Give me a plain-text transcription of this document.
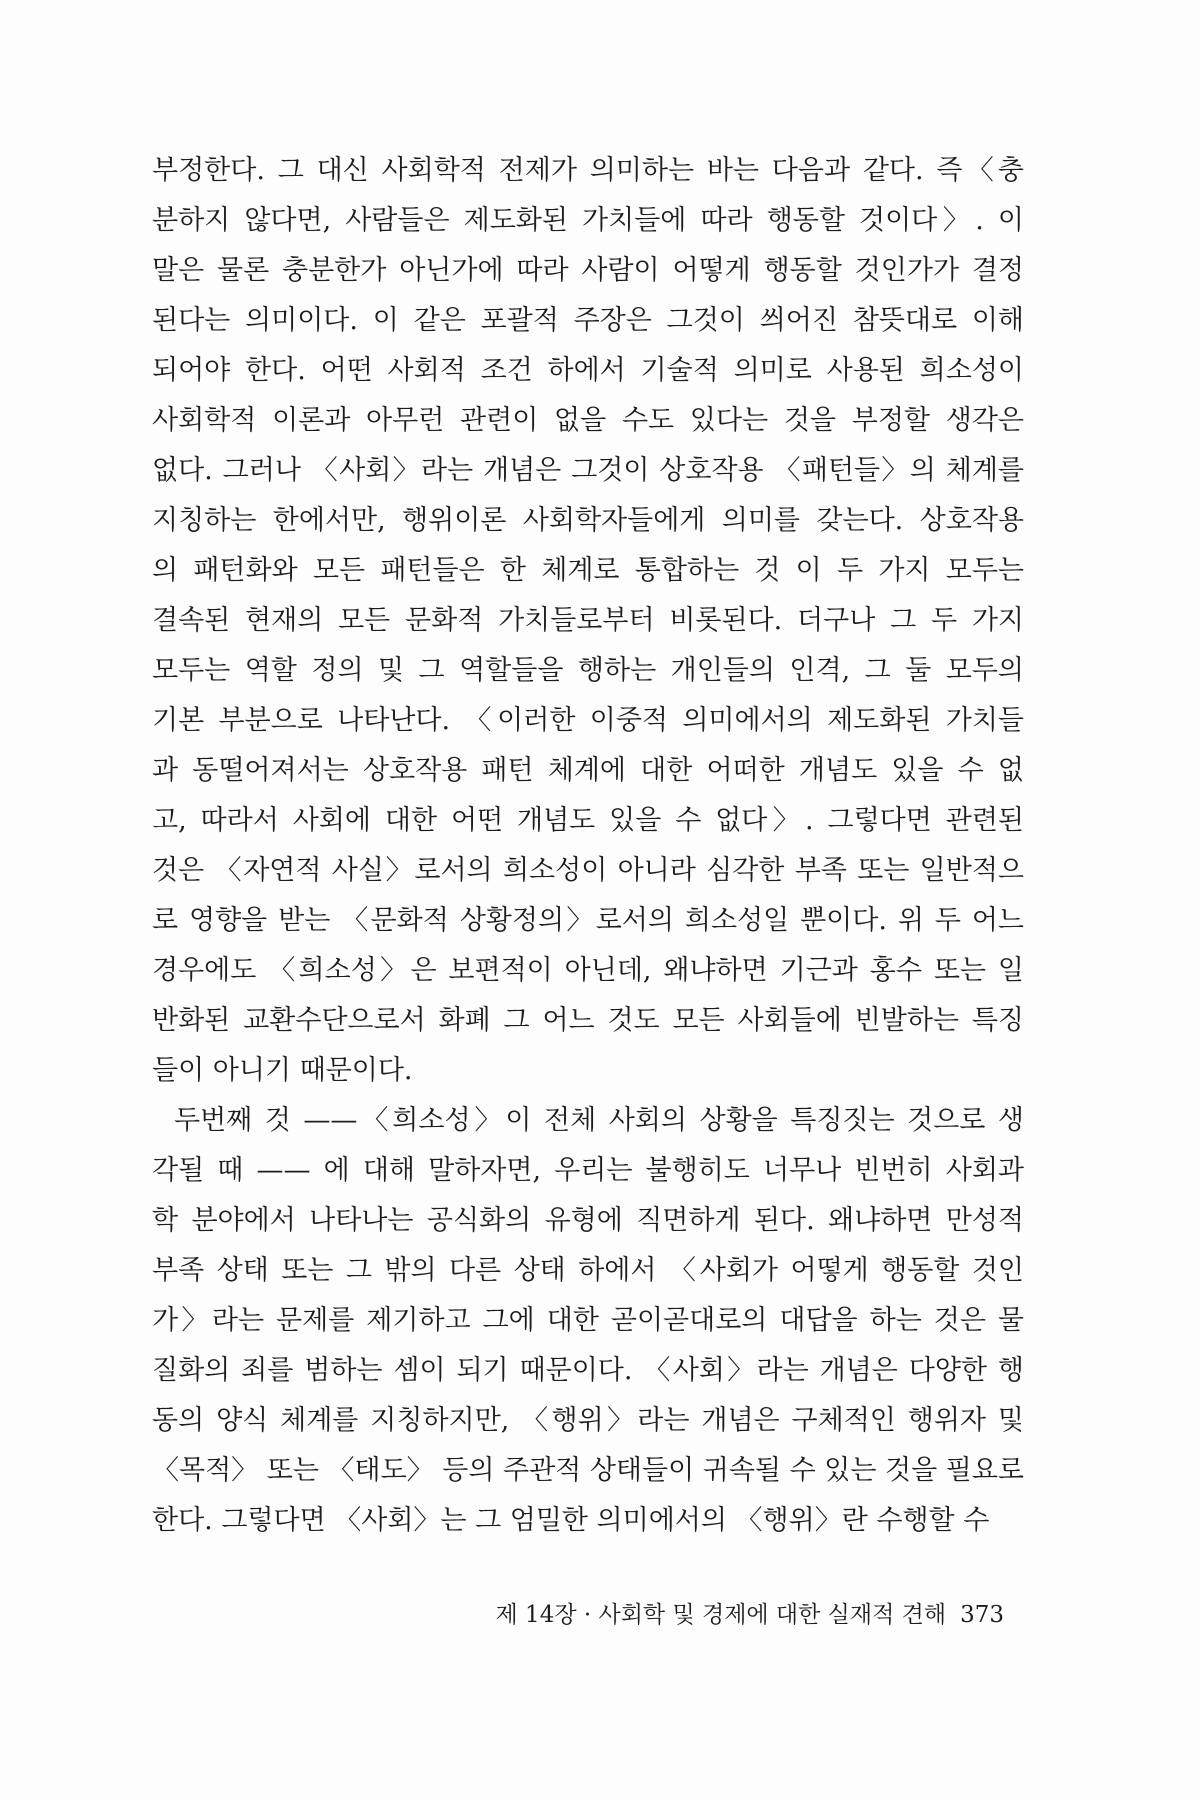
부정한다. 그 대신 사회학적 전제가 의미하는 바는 다음과 같다. 즉〈충
분하지 않다면, 사람들은 제도화된 가치들에 따라 행동할 것이다〉. 이
말은 물론 충분한가 아닌가에 따라 사람이 어떻게 행동할 것인가가 결정
된다는 의미이다. 이 같은 포괄적 주장은 그것이 씌어진 참뜻대로 이해
되어야 한다. 어떤 사회적 조건 하에서 기술적 의미로 사용된 희소성이
사회학적 이론과 아무런 관련이 없을 수도 있다는 것을 부정할 생각은
없다. 그러나 〈사회〉라는 개념은 그것이 상호작용 〈패턴들〉의 체계를
지칭하는 한에서만, 행위이론 사회학자들에게 의미를 갖는다. 상호작용
의 패턴화와 모든 패턴들은 한 체계로 통합하는 것 이 두 가지 모두는
결속된 현재의 모든 문화적 가치들로부터 비롯된다. 더구나 그 두 가지
모두는 역할 정의 및 그 역할들을 행하는 개인들의 인격, 그 둘 모두의
기본 부분으로 나타난다. 〈이러한 이중적 의미에서의 제도화된 가치들
과 동떨어져서는 상호작용 패턴 체계에 대한 어떠한 개념도 있을 수 없
고, 따라서 사회에 대한 어떤 개념도 있을 수 없다〉. 그렇다면 관련된
것은 〈자연적 사실〉로서의 희소성이 아니라 심각한 부족 또는 일반적으
로 영향을 받는 〈문화적 상황정의〉로서의 희소성일 뿐이다. 위 두 어느
경우에도 〈희소성〉은 보편적이 아닌데, 왜냐하면 기근과 홍수 또는 일
반화된 교환수단으로서 화폐 그 어느 것도 모든 사회들에 빈발하는 특징
들이 아니기 때문이다.
두번째 것 ——〈희소성〉이 전체 사회의 상황을 특징짓는 것으로 생
각될 때 —— 에 대해 말하자면, 우리는 불행히도 너무나 빈번히 사회과
학 분야에서 나타나는 공식화의 유형에 직면하게 된다. 왜냐하면 만성적
부족 상태 또는 그 밖의 다른 상태 하에서 〈사회가 어떻게 행동할 것인
가〉라는 문제를 제기하고 그에 대한 곧이곧대로의 대답을 하는 것은 물
질화의 죄를 범하는 셈이 되기 때문이다. 〈사회〉라는 개념은 다양한 행
동의 양식 체계를 지칭하지만, 〈행위〉라는 개념은 구체적인 행위자 및
〈목적〉 또는 〈태도〉 등의 주관적 상태들이 귀속될 수 있는 것을 필요로
한다. 그렇다면 〈사회〉는 그 엄밀한 의미에서의 〈행위〉란 수행할 수
제 14장 · 사회학 및 경제에 대한 실재적 견해 373
